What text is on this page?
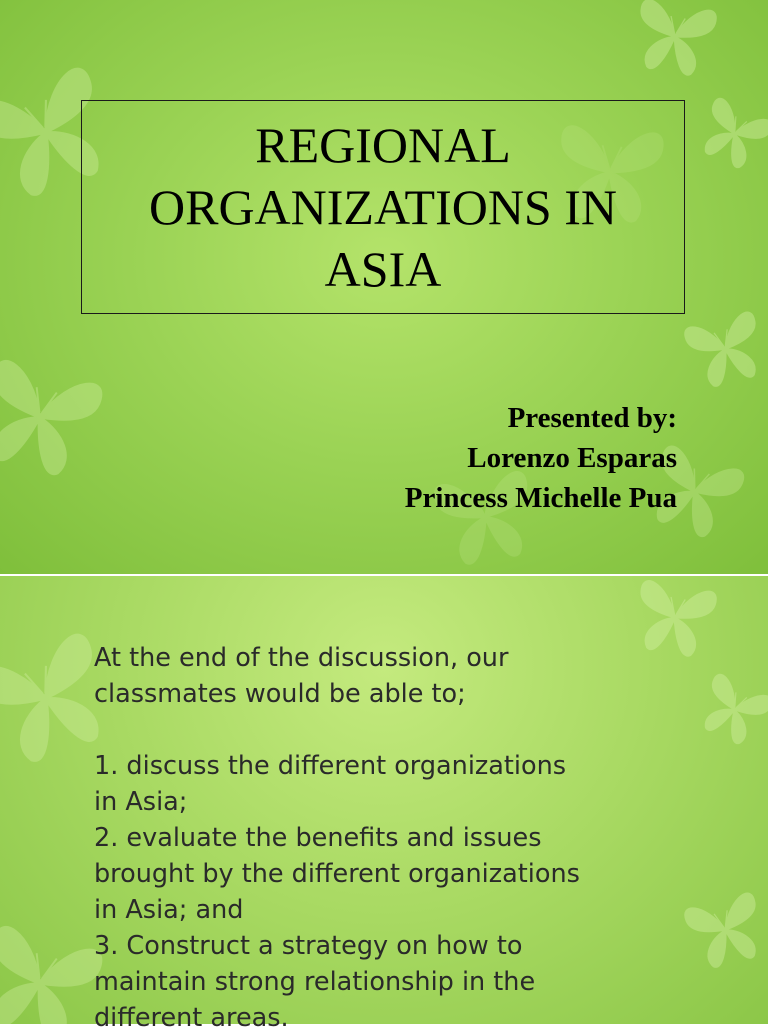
REGIONAL
ORGANIZATIONS IN
ASIA
Presented by:
Lorenzo Esparas
Princess Michelle Pua

At the end of the discussion, our

classmates would be able to;

1. discuss the different organizations

in Asia;

2. evaluate the benefits and issues

brought by the different organizations

in Asia; and

3. Construct a strategy on how to

maintain strong relationship in the

different areas.
